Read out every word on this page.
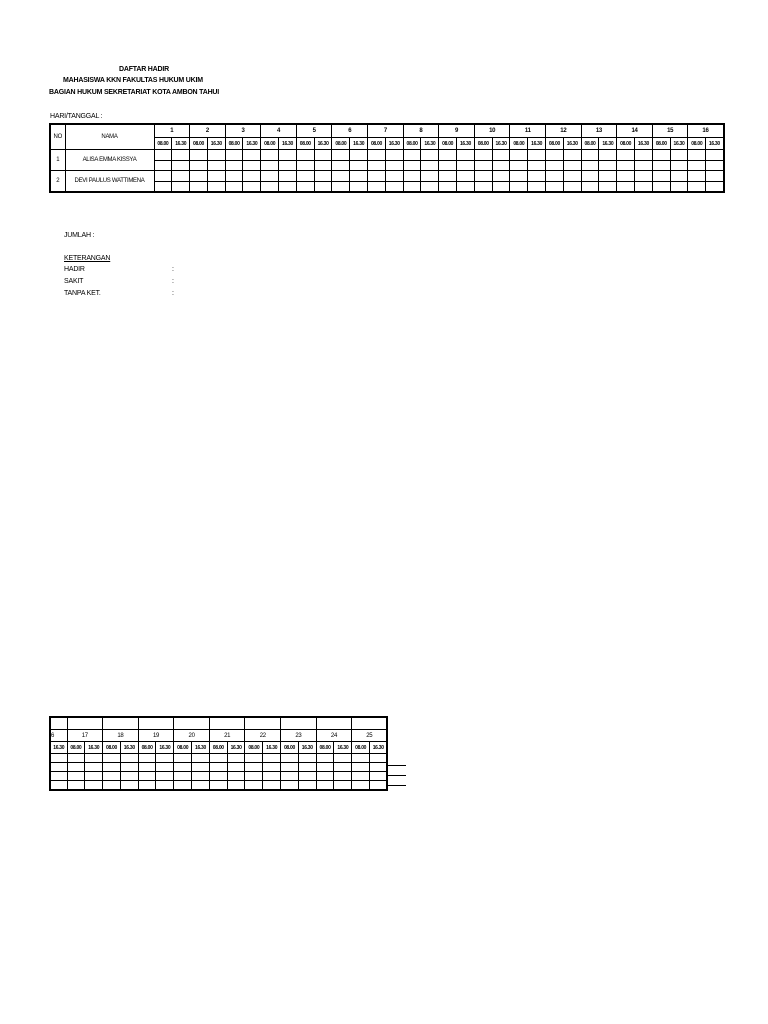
DAFTAR HADIR
MAHASISWA KKN FAKULTAS HUKUM UKIM
BAGIAN HUKUM SEKRETARIAT KOTA AMBON TAHUI
HARI/TANGGAL :
NO	NAMA	1		2		3		4		5		6		7		8		9		10		11		12		13		14		15		16	
		08.00	16.30	08.00	16.30	08.00	16.30	08.00	16.30	08.00	16.30	08.00	16.30	08.00	16.30	08.00	16.30	08.00	16.30	08.00	16.30	08.00	16.30	08.00	16.30	08.00	16.30	08.00	16.30	08.00	16.30	08.00	16.30
1	ALISA EMMA KISSYA																																

2	DEVI PAULUS WATTIMENA																																

JUMLAH :
KETERANGAN
HADIR	:
SAKIT	:
TANPA KET.	:

6	17		18		19		20		21		22		23		24		25	
16.30	08.00	16.30	08.00	16.30	08.00	16.30	08.00	16.30	08.00	16.30	08.00	16.30	08.00	16.30	08.00	16.30	08.00	16.30
